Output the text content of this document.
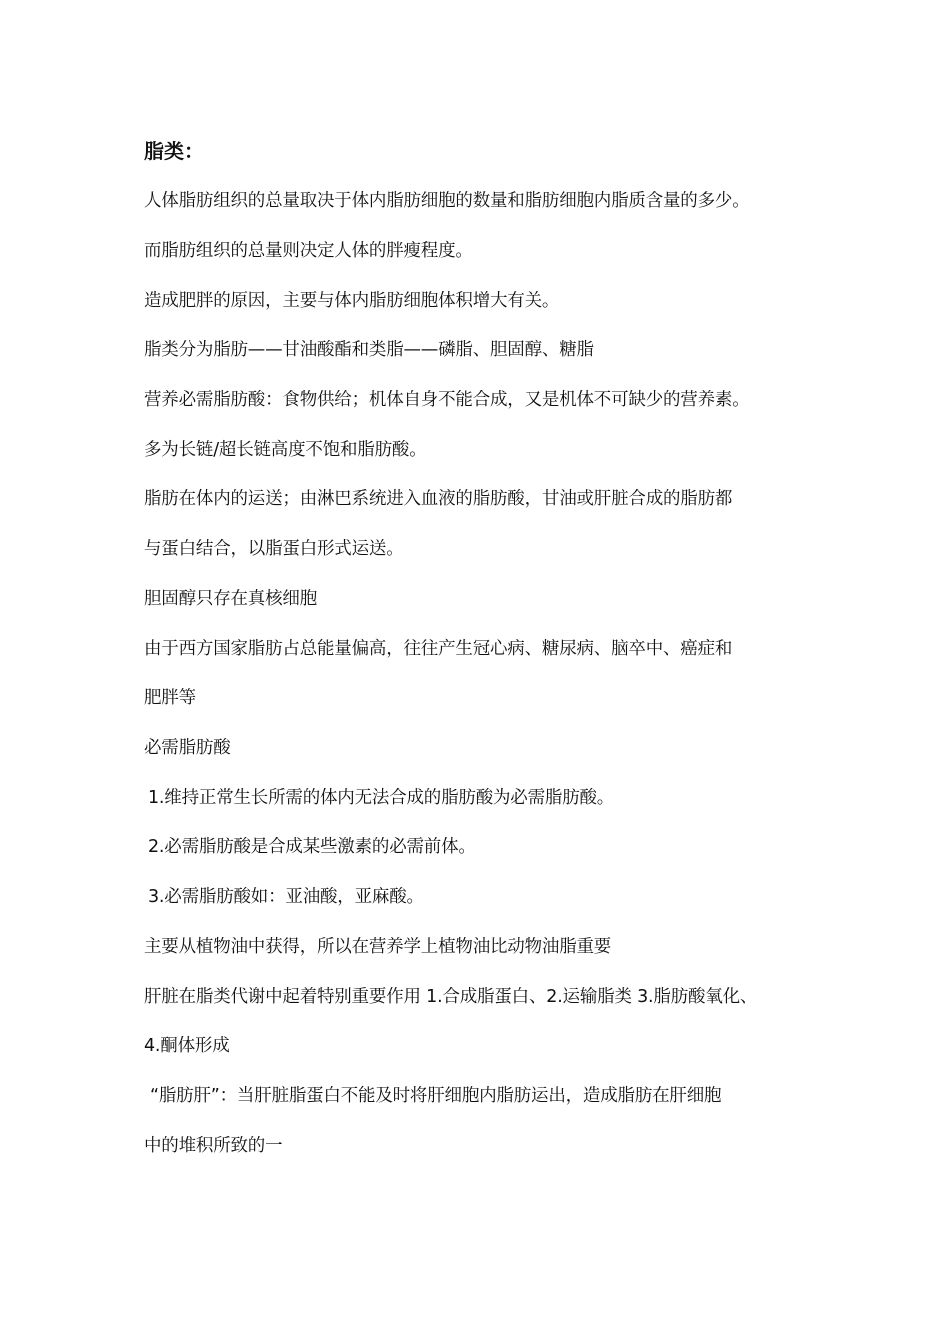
脂类：
人体脂肪组织的总量取决于体内脂肪细胞的数量和脂肪细胞内脂质含量的多少。
而脂肪组织的总量则决定人体的胖瘦程度。
造成肥胖的原因，主要与体内脂肪细胞体积增大有关。
脂类分为脂肪——甘油酸酯和类脂——磷脂、胆固醇、糖脂
营养必需脂肪酸：食物供给；机体自身不能合成，又是机体不可缺少的营养素。
多为长链/超长链高度不饱和脂肪酸。
脂肪在体内的运送；由淋巴系统进入血液的脂肪酸，甘油或肝脏合成的脂肪都
与蛋白结合，以脂蛋白形式运送。
胆固醇只存在真核细胞
由于西方国家脂肪占总能量偏高，往往产生冠心病、糖尿病、脑卒中、癌症和
肥胖等
必需脂肪酸
1.维持正常生长所需的体内无法合成的脂肪酸为必需脂肪酸。
2.必需脂肪酸是合成某些激素的必需前体。
3.必需脂肪酸如：亚油酸，亚麻酸。
主要从植物油中获得，所以在营养学上植物油比动物油脂重要
肝脏在脂类代谢中起着特别重要作用 1.合成脂蛋白、2.运输脂类 3.脂肪酸氧化、
4.酮体形成
“脂肪肝”：当肝脏脂蛋白不能及时将肝细胞内脂肪运出，造成脂肪在肝细胞
中的堆积所致的一
